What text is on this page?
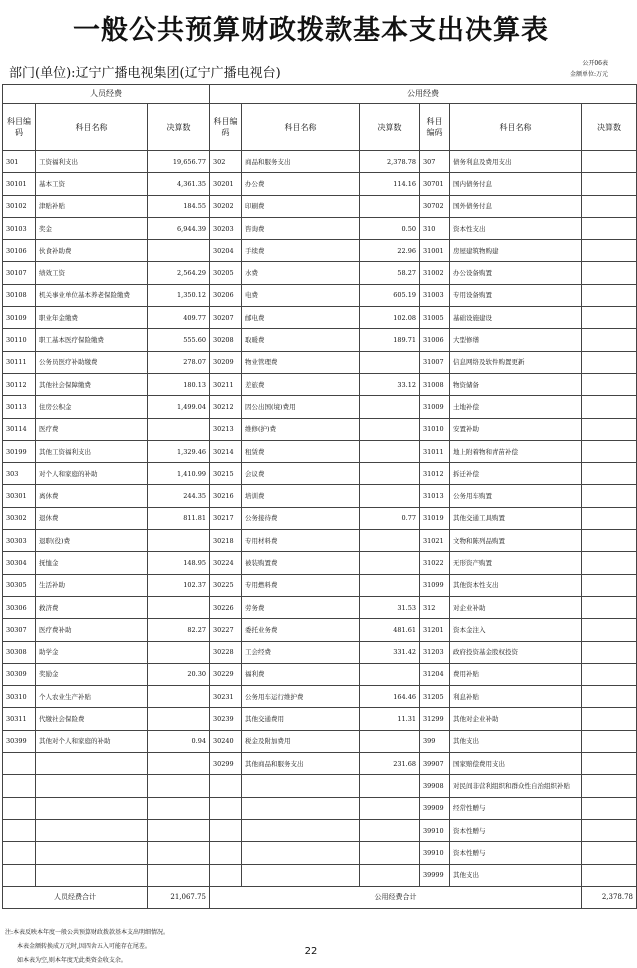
一般公共预算财政拨款基本支出决算表
部门(单位):辽宁广播电视集团(辽宁广播电视台)
公开06表
金额单位:万元
人员经费			公用经费					
科目编码	科目名称	决算数	科目编码	科目名称	决算数	科目编码	科目名称	决算数
301	工资福利支出	19,656.77	302	商品和服务支出	2,378.78	307	债务利息及费用支出	
30101	基本工资	4,361.35	30201	办公费	114.16	30701	国内债务付息	
30102	津贴补贴	184.55	30202	印刷费		30702	国外债务付息	
30103	奖金	6,944.39	30203	咨询费	0.50	310	资本性支出	
30106	伙食补助费		30204	手续费	22.96	31001	房屋建筑物购建	
30107	绩效工资	2,564.29	30205	水费	58.27	31002	办公设备购置	
30108	机关事业单位基本养老保险缴费	1,350.12	30206	电费	605.19	31003	专用设备购置	
30109	职业年金缴费	409.77	30207	邮电费	102.08	31005	基础设施建设	
30110	职工基本医疗保险缴费	555.60	30208	取暖费	189.71	31006	大型修缮	
30111	公务员医疗补助缴费	278.07	30209	物业管理费		31007	信息网络及软件购置更新	
30112	其他社会保障缴费	180.13	30211	差旅费	33.12	31008	物资储备	
30113	住房公积金	1,499.04	30212	因公出国(境)费用		31009	土地补偿	
30114	医疗费		30213	维修(护)费		31010	安置补助	
30199	其他工资福利支出	1,329.46	30214	租赁费		31011	地上附着物和青苗补偿	
303	对个人和家庭的补助	1,410.99	30215	会议费		31012	拆迁补偿	
30301	离休费	244.35	30216	培训费		31013	公务用车购置	
30302	退休费	811.81	30217	公务接待费	0.77	31019	其他交通工具购置	
30303	退职(役)费		30218	专用材料费		31021	文物和陈列品购置	
30304	抚恤金	148.95	30224	被装购置费		31022	无形资产购置	
30305	生活补助	102.37	30225	专用燃料费		31099	其他资本性支出	
30306	救济费		30226	劳务费	31.53	312	对企业补助	
30307	医疗费补助	82.27	30227	委托业务费	481.61	31201	资本金注入	
30308	助学金		30228	工会经费	331.42	31203	政府投资基金股权投资	
30309	奖励金	20.30	30229	福利费		31204	费用补贴	
30310	个人农业生产补贴		30231	公务用车运行维护费	164.46	31205	利息补贴	
30311	代缴社会保险费		30239	其他交通费用	11.31	31299	其他对企业补助	
30399	其他对个人和家庭的补助	0.94	30240	税金及附加费用		399	其他支出	
			30299	其他商品和服务支出	231.68	39907	国家赔偿费用支出	
						39908	对民间非营利组织和群众性自治组织补贴	
						39909	经常性赠与	
						39910	资本性赠与	
						39910	资本性赠与	
						39999	其他支出	
人员经费合计		21,067.75	公用经费合计					2,378.78
注:本表反映本年度一般公共预算财政拨款基本支出明细情况。
本表金额转换成万元时,因四舍五入可能存在尾差。
如本表为空,则本年度无此类资金收支余。
22
